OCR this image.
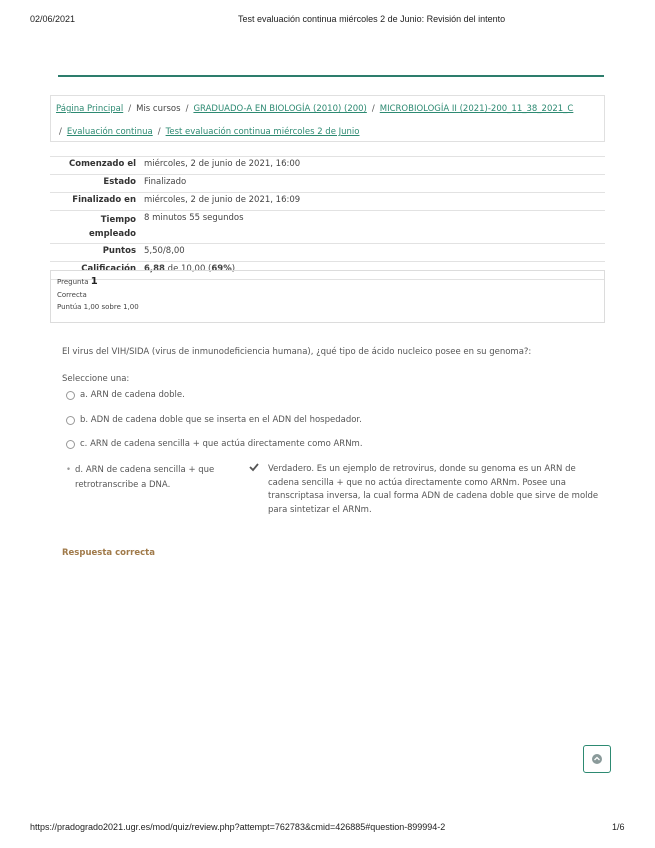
02/06/2021	Test evaluación continua miércoles 2 de Junio: Revisión del intento
Página Principal / Mis cursos / GRADUADO-A EN BIOLOGÍA (2010) (200) / MICROBIOLOGÍA II (2021)-200_11_38_2021_C
/ Evaluación continua / Test evaluación continua miércoles 2 de Junio
Comenzado el	miércoles, 2 de junio de 2021, 16:00
Estado	Finalizado
Finalizado en	miércoles, 2 de junio de 2021, 16:09
Tiempo empleado	8 minutos 55 segundos
Puntos	5,50/8,00
Calificación	6,88 de 10,00 (69%)
Pregunta 1
Correcta
Puntúa 1,00 sobre 1,00
El virus del VIH/SIDA (virus de inmunodeficiencia humana), ¿qué tipo de ácido nucleico posee en su genoma?:
Seleccione una:
a. ARN de cadena doble.
b. ADN de cadena doble que se inserta en el ADN del hospedador.
c. ARN de cadena sencilla + que actúa directamente como ARNm.
• d. ARN de cadena sencilla + que retrotranscribe a DNA.
Verdadero. Es un ejemplo de retrovirus, donde su genoma es un ARN de cadena sencilla + que no actúa directamente como ARNm. Posee una transcriptasa inversa, la cual forma ADN de cadena doble que sirve de molde para sintetizar el ARNm.
Respuesta correcta
https://pradogrado2021.ugr.es/mod/quiz/review.php?attempt=762783&cmid=426885#question-899994-2	1/6
